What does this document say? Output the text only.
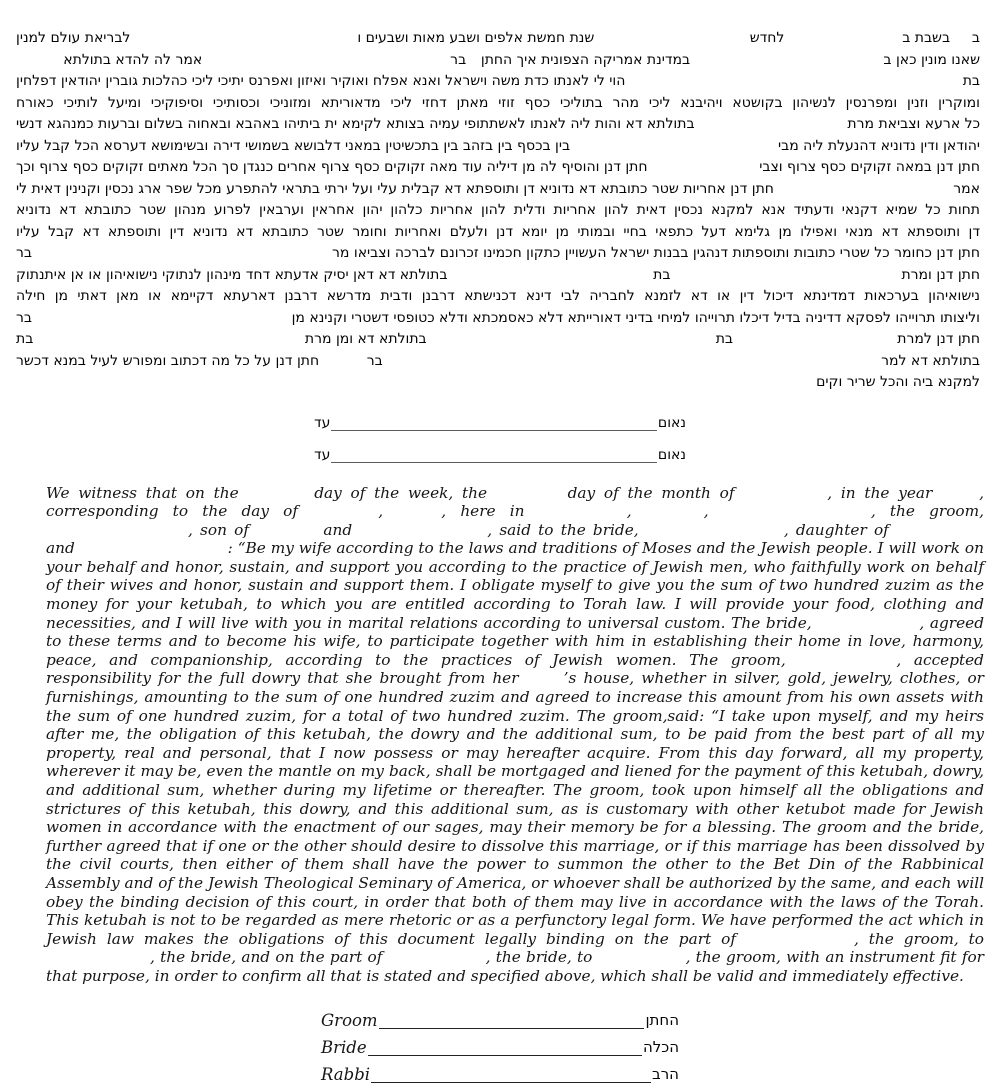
ב
בשבת ב
לחדש
שנת חמשת אלפים ושבע מאות ושבעים ו
לבריאת עולם למנין
שאנו מונין כאן ב
במדינת אמריקה הצפונית איך החתן
בר
אמר לה להדא בתולתא
בת
הוי לי לאנתו כדת משה וישראל ואנא אפלח ואוקיר ואיזון ואפרנס יתיכי ליכי כהלכות גוברין יהודאין דפלחין
ומוקרין וזנין ומפרנסין לנשיהון בקושטא ויהיבנא ליכי מהר בתוליכי כסף זוזי מאתן דחזי ליכי מדאוריתא ומזוניכי וכסותיכי וסיפוקיכי ומיעל לותיכי כאורח
כל ארעא וצביאת מרת
בתולתא דא והות ליה לאנתו לאשתתופי עמיה בצותא לקימא ית ביתיהו באהבא ובאחוה בשלום וברעות כמנהגא דנשי
יהודאן ודין נדוניא דהנעלת ליה מבי
בין בכסף בין בזהב בין בתכשיטין במאני דלבושא בשמושי דירה ובשימושא דערסא הכל קבל עליו
חתן דנן במאה זקוקים כסף צרוף וצבי
חתן דנן והוסיף לה מן דיליה עוד מאה זקוקים כסף צרוף אחרים כנגדן סך הכל מאתים זקוקים כסף צרוף וכך
אמר
חתן דנן אחריות שטר כתובתא דא נדוניא דן ותוספתא דא קבלית עלי ועל ירתי בתראי להתפרע מכל שפר ארג נכסין וקנינין דאית לי
תחות כל שמיא דקנאי ודעתיד אנא למקנא נכסין דאית להון אחריות ודלית להון אחריות כלהון יהון אחראין וערבאין לפרוע מנהון שטר כתובתא דא נדוניא
דן ותוספתא דא מנאי ואפילו מן גלימא דעל כתפאי בחיי ובמותי מן יומא דנן ולעלם ואחריות וחומר שטר כתובתא דא נדוניא דין ותוספתא דא קבל עליו
חתן דנן כחומר כל שטרי כתובות ותוספתות דנהגין בבנות ישראל העשויין כתקון חכמינו זכרונם לברכה וצביאו מר
בר
חתן דנן ומרת
בת
בתולתא דא דאן יסיק אדעתא דחד מינהון לנתוקי נישואיהון או אן איתנתוק
נישואיהון בערכאות דמדינתא דיכול דין או דא לזמנא לחבריה לבי דינא דכנישתא דרבנן ודבית מדרשא דרבנן דארעתא דקיימא או מאן דאתי מן חילה
וליצותו תרוייהו לפסקא דדיניה בדיל דיכלו תרוייהו למיחי בדיני דאורייתא דלא כאסמכתא ודלא כטופסי דשטרי וקנינא מן
בר
חתן דנן למרת
בת
בתולתא דא ומן מרת
בת
בתולתא דא למר
בר
חתן דנן על כל מה דכתוב ומפורש לעיל במנא דכשר
למקנא ביה והכל שריר וקים
נאום
עד
נאום
עד
We witness that on the	day of the week, the	day of the month of	, in the year , corresponding to the day of	,	, here in	,	,	, the groom, , son of	and	, said to the bride,	, daughter of  and	: “Be my wife according to the laws and traditions of Moses and the Jewish people. I will work on your behalf and honor, sustain, and support you according to the practice of Jewish men, who faithfully work on behalf of their wives and honor, sustain and support them. I obligate myself to give you the sum of two hundred zuzim as the money for your ketubah, to which you are entitled according to Torah law. I will provide your food, clothing and necessities, and I will live with you in marital relations according to universal custom. The bride,	, agreed to these terms and to become his wife, to participate together with him in establishing their home in love, harmony, peace, and companionship, according to the practices of Jewish women. The groom,	, accepted responsibility for the full dowry that she brought from her ’s house, whether in silver, gold, jewelry, clothes, or furnishings, amounting to the sum of one hundred zuzim and agreed to increase this amount from his own assets with the sum of one hundred zuzim, for a total of two hundred zuzim. The groom,said: “I take upon myself, and my heirs after me, the obligation of this ketubah, the dowry and the additional sum, to be paid from the best part of all my property, real and personal, that I now possess or may hereafter acquire. From this day forward, all my property, wherever it may be, even the mantle on my back, shall be mortgaged and liened for the payment of this ketubah, dowry, and additional sum, whether during my lifetime or thereafter. The groom, took upon himself all the obligations and strictures of this ketubah, this dowry, and this additional sum, as is customary with other ketubot made for Jewish women in accordance with the enactment of our sages, may their memory be for a blessing. The groom and the bride, further agreed that if one or the other should desire to dissolve this marriage, or if this marriage has been dissolved by the civil courts, then either of them shall have the power to summon the other to the Bet Din of the Rabbinical Assembly and of the Jewish Theological Seminary of America, or whoever shall be authorized by the same, and each will obey the binding decision of this court, in order that both of them may live in accordance with the laws of the Torah. This ketubah is not to be regarded as mere rhetoric or as a perfunctory legal form. We have performed the act which in Jewish law makes the obligations of this document legally binding on the part of	, the groom, to , the bride, and on the part of	, the bride, to	, the groom, with an instrument fit for that purpose, in order to confirm all that is stated and specified above, which shall be valid and immediately effective.
Groom	החתן
Bride	הכלה
Rabbi	הרב
